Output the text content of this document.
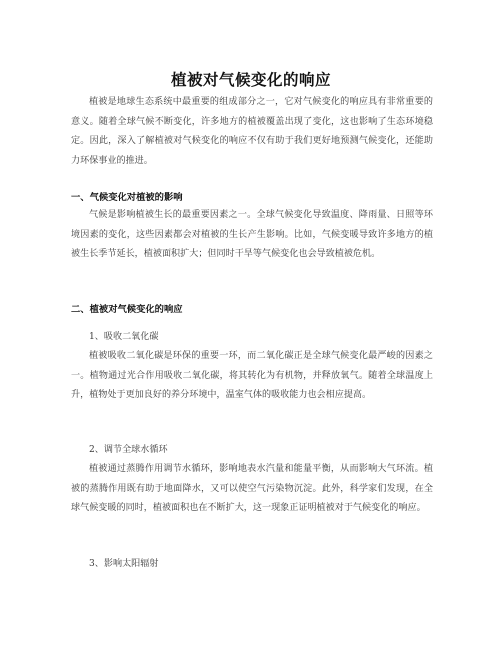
植被对气候变化的响应

植被是地球生态系统中最重要的组成部分之一，它对气候变化的响应具有非常重要的意义。随着全球气候不断变化，许多地方的植被覆盖出现了变化，这也影响了生态环境稳定。因此，深入了解植被对气候变化的响应不仅有助于我们更好地预测气候变化，还能助力环保事业的推进。

一、气候变化对植被的影响

气候是影响植被生长的最重要因素之一。全球气候变化导致温度、降雨量、日照等环境因素的变化，这些因素都会对植被的生长产生影响。比如，气候变暖导致许多地方的植被生长季节延长，植被面积扩大；但同时干旱等气候变化也会导致植被危机。

二、植被对气候变化的响应

1、吸收二氧化碳

植被吸收二氧化碳是环保的重要一环，而二氧化碳正是全球气候变化最严峻的因素之一。植物通过光合作用吸收二氧化碳，将其转化为有机物，并释放氧气。随着全球温度上升，植物处于更加良好的养分环境中，温室气体的吸收能力也会相应提高。

2、调节全球水循环

植被通过蒸腾作用调节水循环，影响地表水汽量和能量平衡，从而影响大气环流。植被的蒸腾作用既有助于地面降水，又可以使空气污染物沉淀。此外，科学家们发现，在全球气候变暖的同时，植被面积也在不断扩大，这一现象正证明植被对于气候变化的响应。

3、影响太阳辐射
